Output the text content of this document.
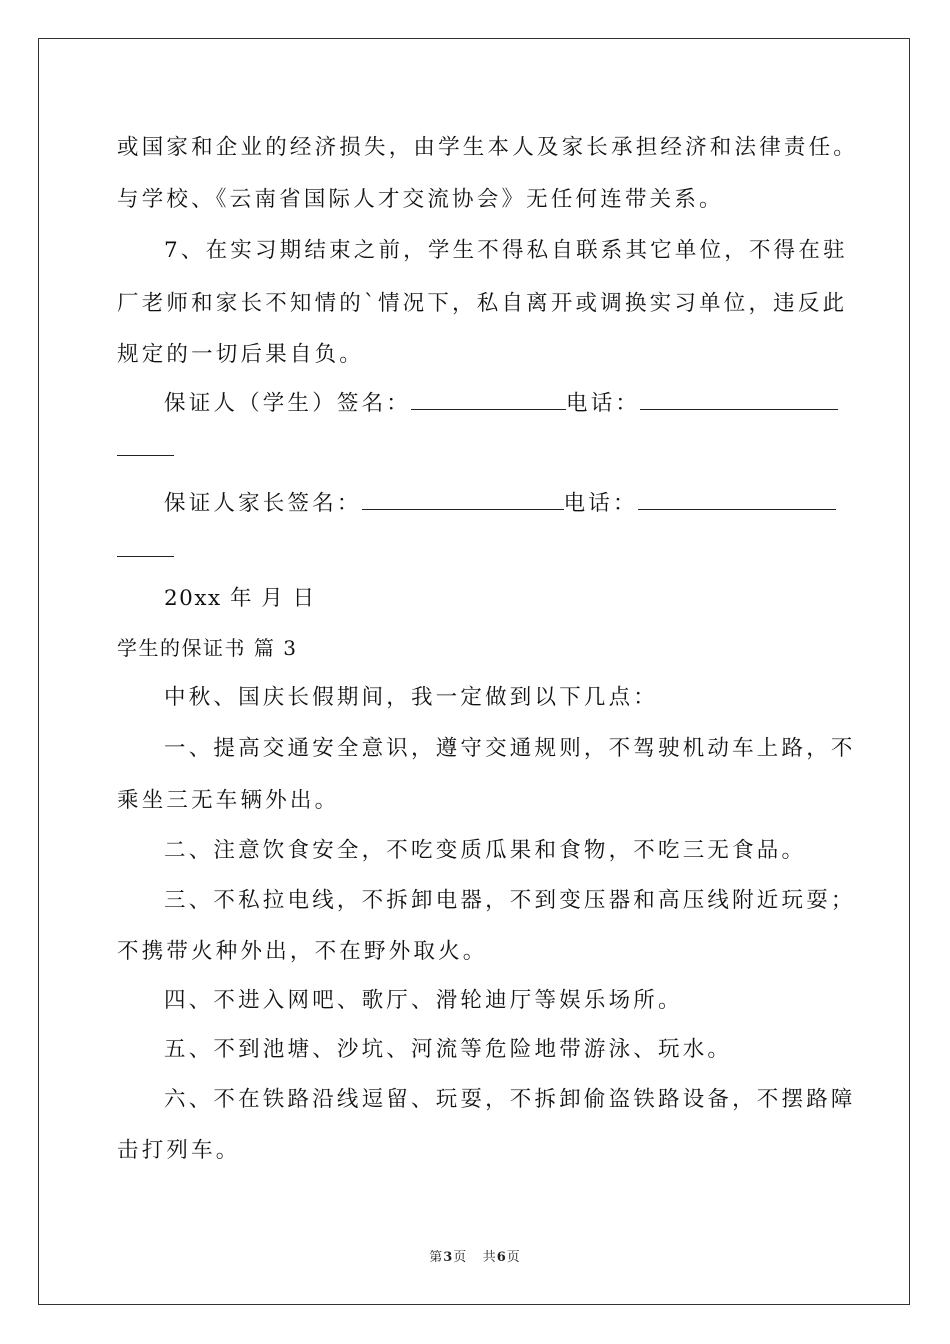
或国家和企业的经济损失，由学生本人及家长承担经济和法律责任。
与学校、《云南省国际人才交流协会》无任何连带关系。
7、在实习期结束之前，学生不得私自联系其它单位，不得在驻
厂老师和家长不知情的`情况下，私自离开或调换实习单位，违反此
规定的一切后果自负。
保证人（学生）签名：	电话：
保证人家长签名：	电话：
20xx 年 月 日
学生的保证书 篇 3
中秋、国庆长假期间，我一定做到以下几点：
一、提高交通安全意识，遵守交通规则，不驾驶机动车上路，不
乘坐三无车辆外出。
二、注意饮食安全，不吃变质瓜果和食物，不吃三无食品。
三、不私拉电线，不拆卸电器，不到变压器和高压线附近玩耍；
不携带火种外出，不在野外取火。
四、不进入网吧、歌厅、滑轮迪厅等娱乐场所。
五、不到池塘、沙坑、河流等危险地带游泳、玩水。
六、不在铁路沿线逗留、玩耍，不拆卸偷盗铁路设备，不摆路障
击打列车。
第3页   共6页
